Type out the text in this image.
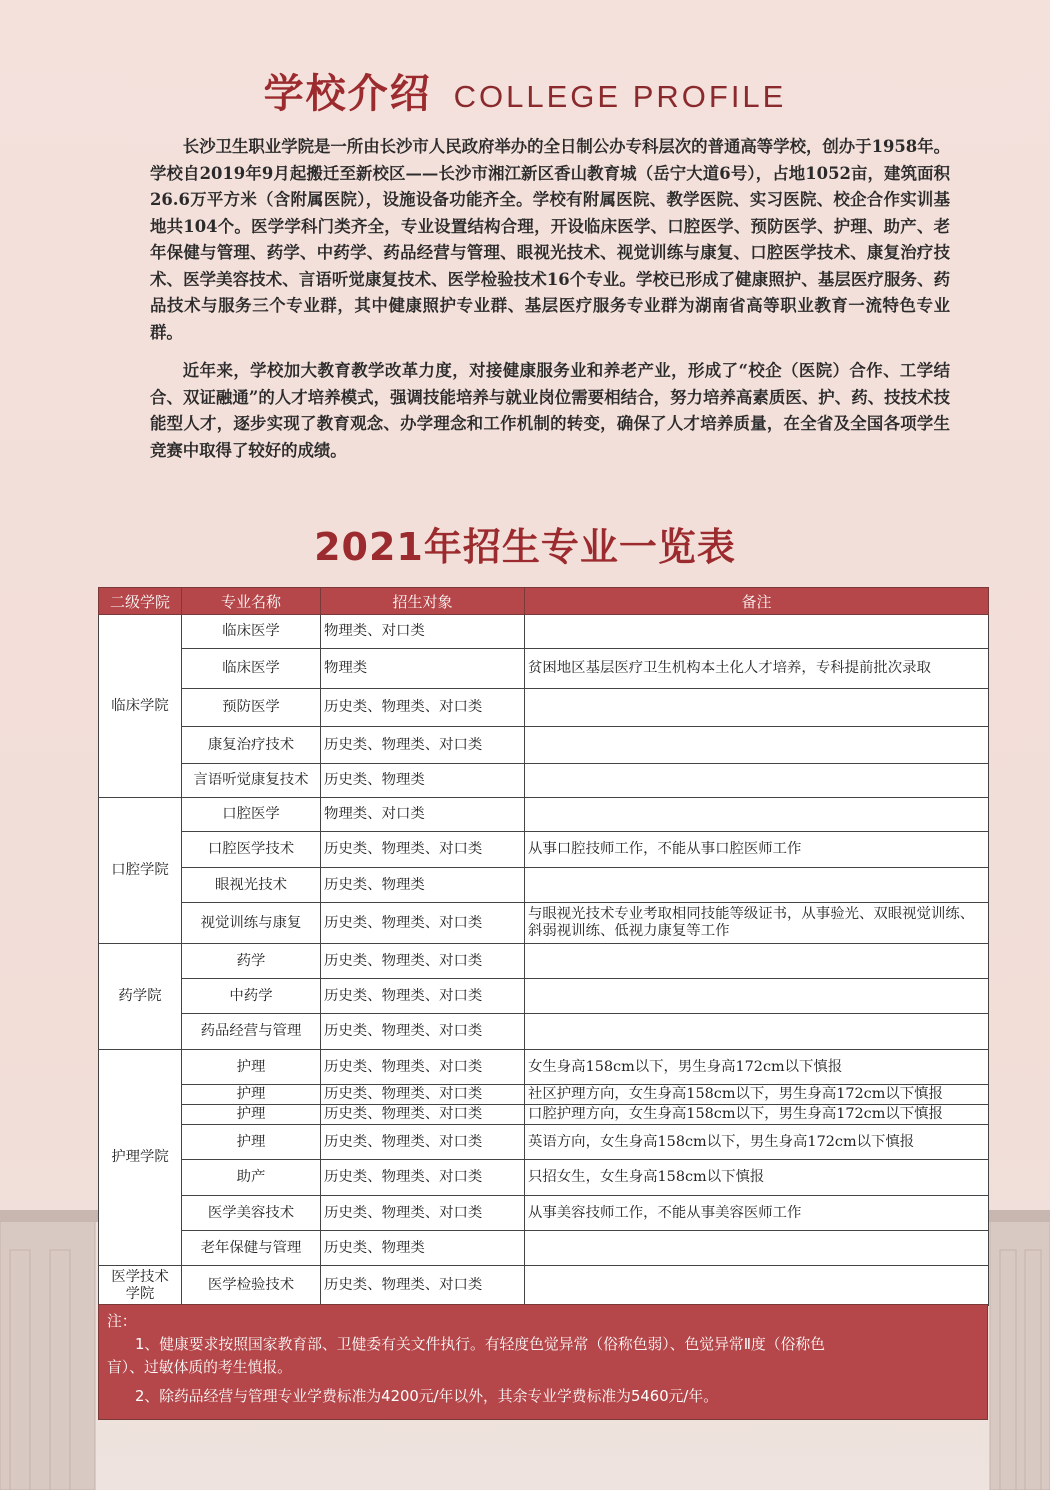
学校介绍 COLLEGE PROFILE

长沙卫生职业学院是一所由长沙市人民政府举办的全日制公办专科层次的普通高等学校，创办于1958年。学校自2019年9月起搬迁至新校区——长沙市湘江新区香山教育城（岳宁大道6号），占地1052亩，建筑面积26.6万平方米（含附属医院），设施设备功能齐全。学校有附属医院、教学医院、实习医院、校企合作实训基地共104个。医学学科门类齐全，专业设置结构合理，开设临床医学、口腔医学、预防医学、护理、助产、老年保健与管理、药学、中药学、药品经营与管理、眼视光技术、视觉训练与康复、口腔医学技术、康复治疗技术、医学美容技术、言语听觉康复技术、医学检验技术16个专业。学校已形成了健康照护、基层医疗服务、药品技术与服务三个专业群，其中健康照护专业群、基层医疗服务专业群为湖南省高等职业教育一流特色专业群。

近年来，学校加大教育教学改革力度，对接健康服务业和养老产业，形成了“校企（医院）合作、工学结合、双证融通”的人才培养模式，强调技能培养与就业岗位需要相结合，努力培养高素质医、护、药、技技术技能型人才，逐步实现了教育观念、办学理念和工作机制的转变，确保了人才培养质量，在全省及全国各项学生竞赛中取得了较好的成绩。

2021年招生专业一览表
二级学院	专业名称	招生对象	备注
临床学院	临床医学	物理类、对口类	
	临床医学	物理类	贫困地区基层医疗卫生机构本土化人才培养，专科提前批次录取
	预防医学	历史类、物理类、对口类	
	康复治疗技术	历史类、物理类、对口类	
	言语听觉康复技术	历史类、物理类	
口腔学院	口腔医学	物理类、对口类	
	口腔医学技术	历史类、物理类、对口类	从事口腔技师工作，不能从事口腔医师工作
	眼视光技术	历史类、物理类	
	视觉训练与康复	历史类、物理类、对口类	与眼视光技术专业考取相同技能等级证书，从事验光、双眼视觉训练、斜弱视训练、低视力康复等工作
药学院	药学	历史类、物理类、对口类	
	中药学	历史类、物理类、对口类	
	药品经营与管理	历史类、物理类、对口类	
护理学院	护理	历史类、物理类、对口类	女生身高158cm以下，男生身高172cm以下慎报
	护理	历史类、物理类、对口类	社区护理方向，女生身高158cm以下，男生身高172cm以下慎报
	护理	历史类、物理类、对口类	口腔护理方向，女生身高158cm以下，男生身高172cm以下慎报
	护理	历史类、物理类、对口类	英语方向，女生身高158cm以下，男生身高172cm以下慎报
	助产	历史类、物理类、对口类	只招女生，女生身高158cm以下慎报
	医学美容技术	历史类、物理类、对口类	从事美容技师工作，不能从事美容医师工作
	老年保健与管理	历史类、物理类	
医学技术学院	医学检验技术	历史类、物理类、对口类	
注：
1、健康要求按照国家教育部、卫健委有关文件执行。有轻度色觉异常（俗称色弱）、色觉异常Ⅱ度（俗称色
盲）、过敏体质的考生慎报。
2、除药品经营与管理专业学费标准为4200元/年以外，其余专业学费标准为5460元/年。
